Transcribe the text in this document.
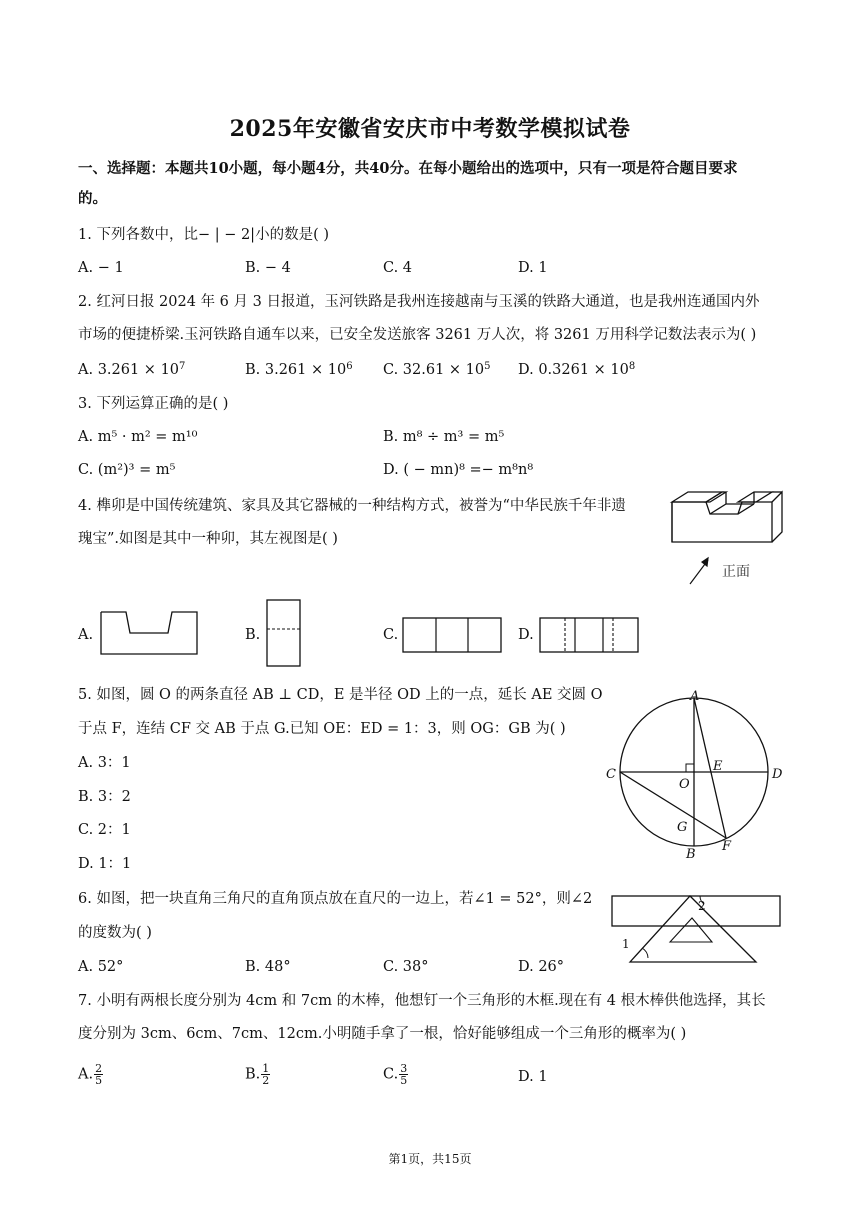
2025年安徽省安庆市中考数学模拟试卷
一、选择题：本题共10小题，每小题4分，共40分。在每小题给出的选项中，只有一项是符合题目要求
的。
1. 下列各数中，比− | − 2|小的数是( )
A. − 1	B. − 4	C. 4	D. 1
2. 红河日报 2024 年 6 月 3 日报道，玉河铁路是我州连接越南与玉溪的铁路大通道，也是我州连通国内外
市场的便捷桥梁.玉河铁路自通车以来，已安全发送旅客 3261 万人次，将 3261 万用科学记数法表示为( )
A. $3.261 \times 10^7$	B. $3.261 \times 10^6$ C. $32.61 \times 10^5$ D. $0.3261 \times 10^8$
3. 下列运算正确的是( )
A. m⁵ · m² = m¹⁰	B. m⁸ ÷ m³ = m⁵
C. (m²)³ = m⁵	D. ( − mn)⁸ =− m⁸n⁸
4. 榫卯是中国传统建筑、家具及其它器械的一种结构方式，被誉为“中华民族千年非遗
瑰宝”.如图是其中一种卯，其左视图是( )
正面
A.	B.	C.	D.
5. 如图，圆 O 的两条直径 AB ⊥ CD，E 是半径 OD 上的一点，延长 AE 交圆 O
于点 F，连结 CF 交 AB 于点 G.已知 OE：ED = 1：3，则 OG：GB 为( )
A. 3：1
B. 3：2
C. 2：1
D. 1：1
A
C	D
E
O
G
B
F
6. 如图，把一块直角三角尺的直角顶点放在直尺的一边上，若∠1 = 52°，则∠2
的度数为( )
A. 52°	B. 48°	C. 38°	D. 26°
2
1
7. 小明有两根长度分别为 4cm 和 7cm 的木棒，他想钉一个三角形的木框.现在有 4 根木棒供他选择，其长
度分别为 3cm、6cm、7cm、12cm.小明随手拿了一根，恰好能够组成一个三角形的概率为( )
A. $\frac{2}{5}$	B. $\frac{1}{2}$	C. $\frac{3}{5}$	D. 1
第1页，共15页
